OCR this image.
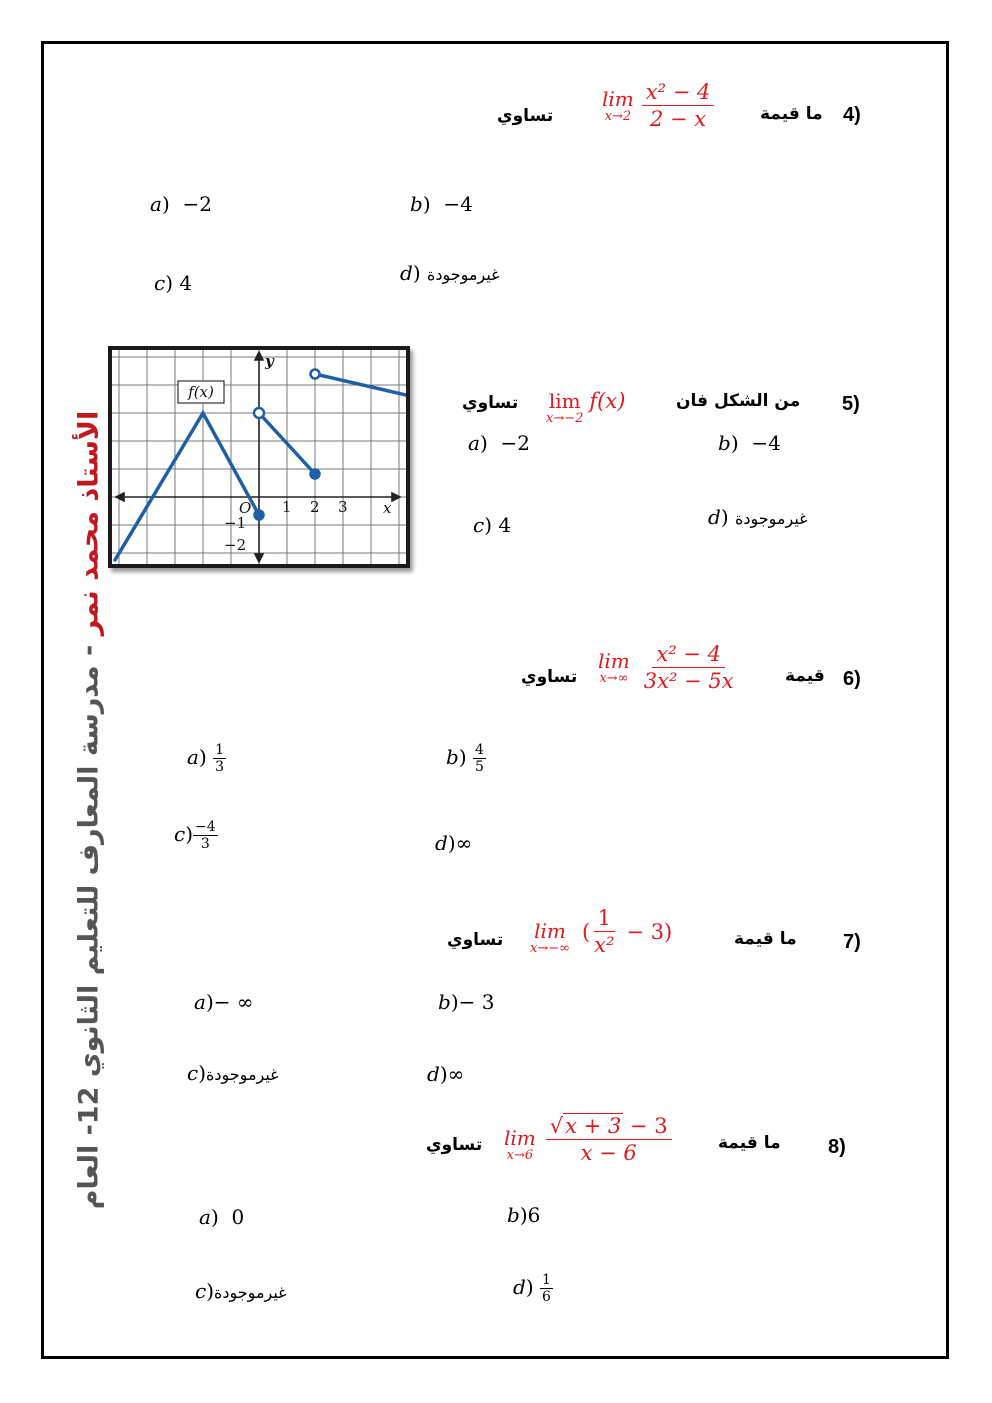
الأستاذ محمد نمر - مدرسة المعارف للتعليم الثانوي 12- العام
4)
ما قيمة
lim
$x\to 2 \frac{\text{x² − 4}}{2 - x}$
تساوي
a)  −2	b)  −4
c) 4	d) غيرموجودة
5)
من الشكل فان
lim
x→−2
f(x)
تساوي
a)  −2	b)  −4
c) 4	d) غيرموجودة
y
x
O 1 2 3
−1
−2
f(x)
6)
قيمة
lim
$x\to\infty \frac{\text{x² − 4}}{\text{3x² − 5x}}$
تساوي
$a) \frac{1}{3}$	$b) \frac{4}{5}$
$c) \frac{-4}{3}$	d)∞
7)
ما قيمة
lim
x→−∞
( $\frac{1}{\text{x²}} - 3$)
تساوي
a)− ∞	b)− 3
c)غيرموجودة	d)∞
8)
ما قيمة
lim
$x\to 6 \frac{√x + 3 - 3}{x - 6}$
تساوي
a)  0	b)6
c)غيرموجودة	$d) \frac{1}{6}$
